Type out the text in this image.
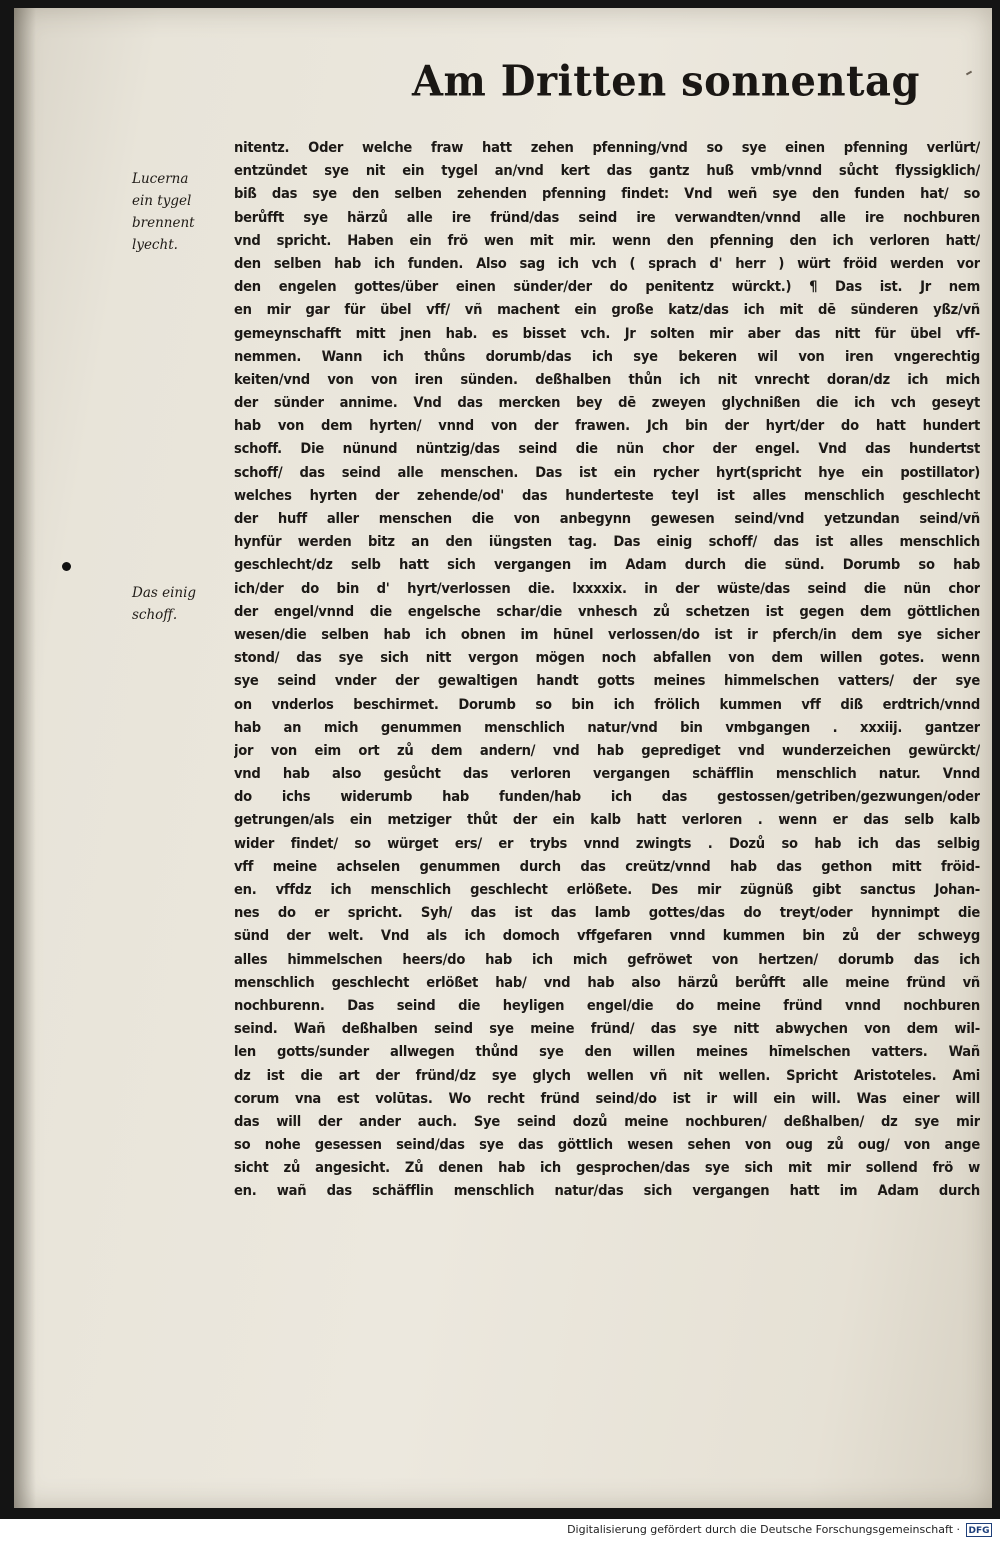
Am Dritten sonnentag
Lucerna
ein tygel
brennent
lyecht.
Das einig
schoff.
nitentz. Oder welche fraw hatt zehen pfenning/vnd so sye einen pfenning verlürt/
entzündet sye nit ein tygel an/vnd kert das gantz huß vmb/vnnd sůcht flyssigklich/
biß das sye den selben zehenden pfenning findet: Vnd weñ sye den funden hat/ so
berůfft sye härzů alle ire fründ/das seind ire verwandten/vnnd alle ire nochburen
vnd spricht. Haben ein frö wen mit mir. wenn den pfenning den ich verloren hatt/
den selben hab ich funden. Also sag ich vch ( sprach d' herr ) würt fröid werden vor
den engelen gottes/über einen sünder/der do penitentz würckt.) ¶ Das ist. Jr nem
en mir gar für übel vff/ vñ machent ein große katz/das ich mit dē sünderen yßz/vñ
gemeynschafft mitt jnen hab. es bisset vch. Jr solten mir aber das nitt für übel vff-
nemmen. Wann ich thůns dorumb/das ich sye bekeren wil von iren vngerechtig
keiten/vnd von von iren sünden. deßhalben thůn ich nit vnrecht doran/dz ich mich
der sünder annime. Vnd das mercken bey dē zweyen glychnißen die ich vch geseyt
hab von dem hyrten/ vnnd von der frawen. Jch bin der hyrt/der do hatt hundert
schoff. Die nünund nüntzig/das seind die nün chor der engel. Vnd das hundertst
schoff/ das seind alle menschen. Das ist ein rycher hyrt(spricht hye ein postillator)
welches hyrten der zehende/od' das hunderteste teyl ist alles menschlich geschlecht
der huff aller menschen die von anbegynn gewesen seind/vnd yetzundan seind/vñ
hynfür werden bitz an den iüngsten tag. Das einig schoff/ das ist alles menschlich
geschlecht/dz selb hatt sich vergangen im Adam durch die sünd. Dorumb so hab
ich/der do bin d' hyrt/verlossen die. lxxxxix. in der wüste/das seind die nün chor
der engel/vnnd die engelsche schar/die vnhesch zů schetzen ist gegen dem göttlichen
wesen/die selben hab ich obnen im hūnel verlossen/do ist ir pferch/in dem sye sicher
stond/ das sye sich nitt vergon mögen noch abfallen von dem willen gotes. wenn
sye seind vnder der gewaltigen handt gotts meines himmelschen vatters/ der sye
on vnderlos beschirmet. Dorumb so bin ich frölich kummen vff diß erdtrich/vnnd
hab an mich genummen menschlich natur/vnd bin vmbgangen . xxxiij. gantzer
jor von eim ort zů dem andern/ vnd hab geprediget vnd wunderzeichen gewürckt/
vnd hab also gesůcht das verloren vergangen schäfflin menschlich natur. Vnnd
do ichs widerumb hab funden/hab ich das gestossen/getriben/gezwungen/oder
getrungen/als ein metziger thůt der ein kalb hatt verloren . wenn er das selb kalb
wider findet/ so würget ers/ er trybs vnnd zwingts . Dozů so hab ich das selbig
vff meine achselen genummen durch das creütz/vnnd hab das gethon mitt fröid-
en. vffdz ich menschlich geschlecht erlößete. Des mir zügnüß gibt sanctus Johan-
nes do er spricht. Syh/ das ist das lamb gottes/das do treyt/oder hynnimpt die
sünd der welt. Vnd als ich domoch vffgefaren vnnd kummen bin zů der schweyg
alles himmelschen heers/do hab ich mich gefröwet von hertzen/ dorumb das ich
menschlich geschlecht erlößet hab/ vnd hab also härzů berůfft alle meine fründ vñ
nochburenn. Das seind die heyligen engel/die do meine fründ vnnd nochburen
seind. Wañ deßhalben seind sye meine fründ/ das sye nitt abwychen von dem wil-
len gotts/sunder allwegen thůnd sye den willen meines hīmelschen vatters. Wañ
dz ist die art der fründ/dz sye glych wellen vñ nit wellen. Spricht Aristoteles. Ami
corum vna est volūtas. Wo recht fründ seind/do ist ir will ein will. Was einer will
das will der ander auch. Sye seind dozů meine nochburen/ deßhalben/ dz sye mir
so nohe gesessen seind/das sye das göttlich wesen sehen von oug zů oug/ von ange
sicht zů angesicht. Zů denen hab ich gesprochen/das sye sich mit mir sollend frö w
en. wañ das schäfflin menschlich natur/das sich vergangen hatt im Adam durch
Digitalisierung gefördert durch die Deutsche Forschungsgemeinschaft · DFG
